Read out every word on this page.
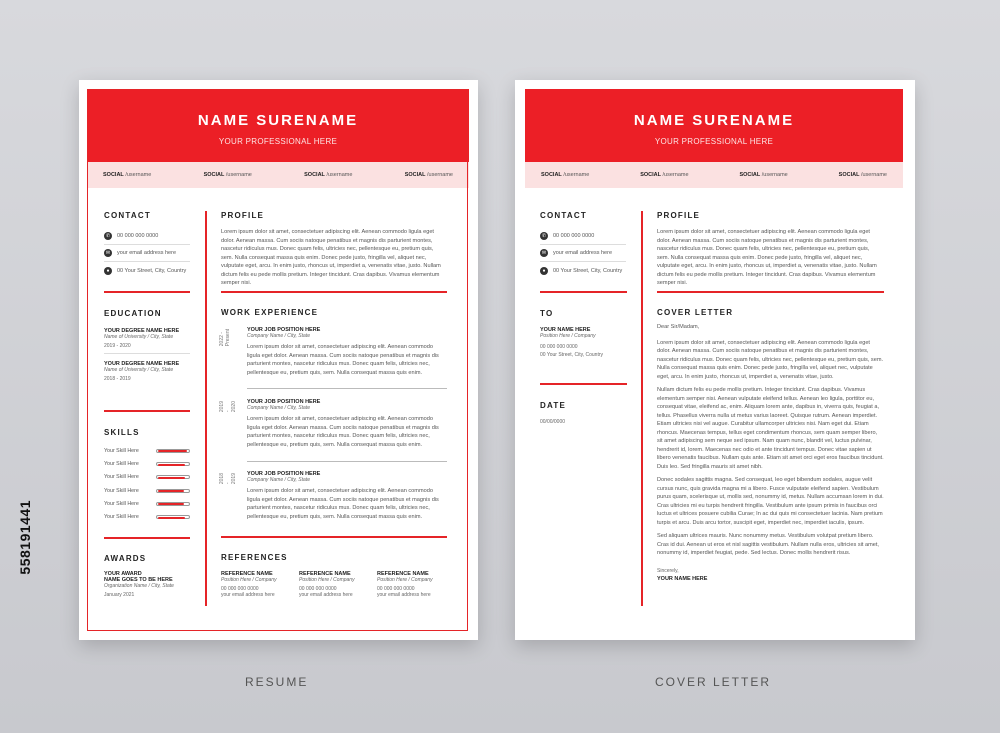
NAME SURENAME
YOUR PROFESSIONAL HERE
SOCIAL /username	SOCIAL /username	SOCIAL /username	SOCIAL /username
CONTACT
✆	00 000 000 0000
✉	your email address here
●	00 Your Street, City, Country
EDUCATION
YOUR DEGREE NAME HERE
Name of University / City, State
2019 - 2020
YOUR DEGREE NAME HERE
Name of University / City, State
2018 - 2019
SKILLS
Your Skill Here
Your Skill Here
Your Skill Here
Your Skill Here
Your Skill Here
Your Skill Here
AWARDS
YOUR AWARD
NAME GOES TO BE HERE
Organization Name / City, State
January 2021
PROFILE

Lorem ipsum dolor sit amet, consectetuer adipiscing elit. Aenean commodo ligula eget dolor. Aenean massa. Cum sociis natoque penatibus et magnis dis parturient montes, nascetur ridiculus mus. Donec quam felis, ultricies nec, pellentesque eu, pretium quis, sem. Nulla consequat massa quis enim. Donec pede justo, fringilla vel, aliquet nec, vulputate eget, arcu. In enim justo, rhoncus ut, imperdiet a, venenatis vitae, justo. Nullam dictum felis eu pede mollis pretium. Integer tincidunt. Cras dapibus. Vivamus elementum semper nisi.

WORK EXPERIENCE
2022 - Present	YOUR JOB POSITION HERE
Company Name / City, State

Lorem ipsum dolor sit amet, consectetuer adipiscing elit. Aenean commodo ligula eget dolor. Aenean massa. Cum sociis natoque penatibus et magnis dis parturient montes, nascetur ridiculus mus. Donec quam felis, ultricies nec, pellentesque eu, pretium quis, sem. Nulla consequat massa quis enim.

2019 - 2020 YOUR JOB POSITION HERE
Company Name / City, State

Lorem ipsum dolor sit amet, consectetuer adipiscing elit. Aenean commodo ligula eget dolor. Aenean massa. Cum sociis natoque penatibus et magnis dis parturient montes, nascetur ridiculus mus. Donec quam felis, ultricies nec, pellentesque eu, pretium quis, sem. Nulla consequat massa quis enim.

2018 - 2019 YOUR JOB POSITION HERE
Company Name / City, State

Lorem ipsum dolor sit amet, consectetuer adipiscing elit. Aenean commodo ligula eget dolor. Aenean massa. Cum sociis natoque penatibus et magnis dis parturient montes, nascetur ridiculus mus. Donec quam felis, ultricies nec, pellentesque eu, pretium quis, sem. Nulla consequat massa quis enim.

REFERENCES
REFERENCE NAME
Position Here / Company
00 000 000 0000
your email address here
REFERENCE NAME
Position Here / Company
00 000 000 0000
your email address here
REFERENCE NAME
Position Here / Company
00 000 000 0000
your email address here
NAME SURENAME
YOUR PROFESSIONAL HERE
SOCIAL /username	SOCIAL /username	SOCIAL /username	SOCIAL /username
CONTACT
✆	00 000 000 0000
✉	your email address here
●	00 Your Street, City, Country
TO
YOUR NAME HERE
Position Here / Company
00 000 000 0000
00 Your Street, City, Country
DATE
00/00/0000
PROFILE

Lorem ipsum dolor sit amet, consectetuer adipiscing elit. Aenean commodo ligula eget dolor. Aenean massa. Cum sociis natoque penatibus et magnis dis parturient montes, nascetur ridiculus mus. Donec quam felis, ultricies nec, pellentesque eu, pretium quis, sem. Nulla consequat massa quis enim. Donec pede justo, fringilla vel, aliquet nec, vulputate eget, arcu. In enim justo, rhoncus ut, imperdiet a, venenatis vitae, justo. Nullam dictum felis eu pede mollis pretium. Integer tincidunt. Cras dapibus. Vivamus elementum semper nisi.

COVER LETTER

Dear Sir/Madam,

Lorem ipsum dolor sit amet, consectetuer adipiscing elit. Aenean commodo ligula eget dolor. Aenean massa. Cum sociis natoque penatibus et magnis dis parturient montes, nascetur ridiculus mus. Donec quam felis, ultricies nec, pellentesque eu, pretium quis, sem. Nulla consequat massa quis enim. Donec pede justo, fringilla vel, aliquet nec, vulputate eget, arcu. In enim justo, rhoncus ut, imperdiet a, venenatis vitae, justo.

Nullam dictum felis eu pede mollis pretium. Integer tincidunt. Cras dapibus. Vivamus elementum semper nisi. Aenean vulputate eleifend tellus. Aenean leo ligula, porttitor eu, consequat vitae, eleifend ac, enim. Aliquam lorem ante, dapibus in, viverra quis, feugiat a, tellus. Phasellus viverra nulla ut metus varius laoreet. Quisque rutrum. Aenean imperdiet. Etiam ultricies nisi vel augue. Curabitur ullamcorper ultricies nisi. Nam eget dui. Etiam rhoncus. Maecenas tempus, tellus eget condimentum rhoncus, sem quam semper libero, sit amet adipiscing sem neque sed ipsum. Nam quam nunc, blandit vel, luctus pulvinar, hendrerit id, lorem. Maecenas nec odio et ante tincidunt tempus. Donec vitae sapien ut libero venenatis faucibus. Nullam quis ante. Etiam sit amet orci eget eros faucibus tincidunt. Duis leo. Sed fringilla mauris sit amet nibh.

Donec sodales sagittis magna. Sed consequat, leo eget bibendum sodales, augue velit cursus nunc, quis gravida magna mi a libero. Fusce vulputate eleifend sapien. Vestibulum purus quam, scelerisque ut, mollis sed, nonummy id, metus. Nullam accumsan lorem in dui. Cras ultricies mi eu turpis hendrerit fringilla. Vestibulum ante ipsum primis in faucibus orci luctus et ultrices posuere cubilia Curae; In ac dui quis mi consectetuer lacinia. Nam pretium turpis et arcu. Duis arcu tortor, suscipit eget, imperdiet nec, imperdiet iaculis, ipsum.

Sed aliquam ultrices mauris. Nunc nonummy metus. Vestibulum volutpat pretium libero. Cras id dui. Aenean ut eros et nisl sagittis vestibulum. Nullam nulla eros, ultricies sit amet, nonummy id, imperdiet feugiat, pede. Sed lectus. Donec mollis hendrerit risus.

Sincerely,
YOUR NAME HERE
RESUME	COVER LETTER
558191441
